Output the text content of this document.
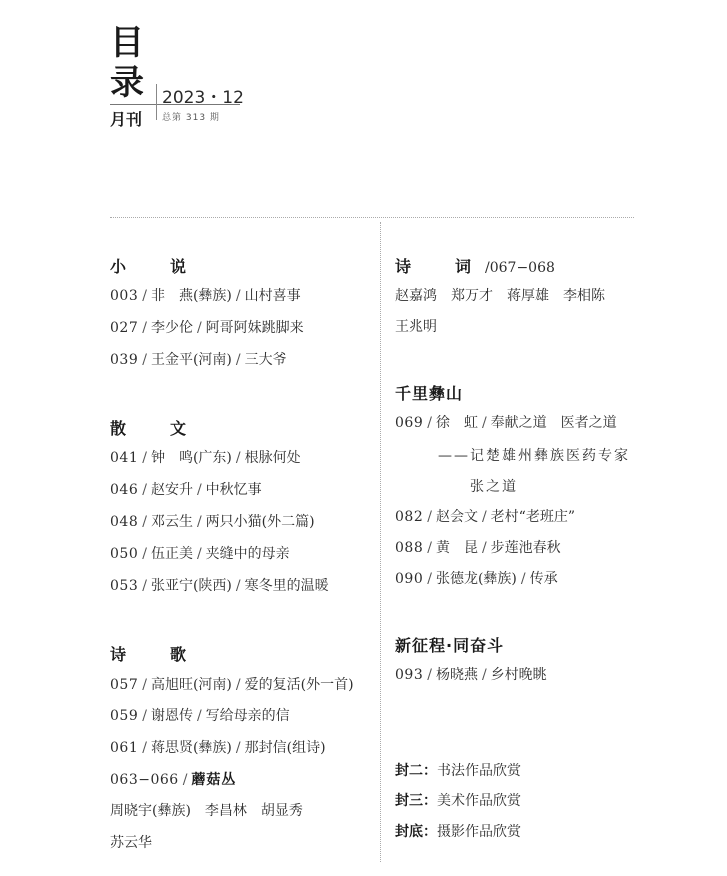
目
录 2023・12
月刊 总第 313 期
小　说
003 / 非　燕(彝族) / 山村喜事
027 / 李少伦 / 阿哥阿妹跳脚来
039 / 王金平(河南) / 三大爷
散　文
041 / 钟　鸣(广东) / 根脉何处
046 / 赵安升 / 中秋忆事
048 / 邓云生 / 两只小猫(外二篇)
050 / 伍正美 / 夹缝中的母亲
053 / 张亚宁(陕西) / 寒冬里的温暖
诗　歌
057 / 高旭旺(河南) / 爱的复活(外一首)
059 / 谢恩传 / 写给母亲的信
061 / 蒋思贤(彝族) / 那封信(组诗)
063−066 / 蘑菇丛
周晓宇(彝族)　李昌林　胡显秀
苏云华
诗　词/067−068
赵嘉鸿　郑万才　蒋厚雄　李相陈
王兆明
千里彝山
069 / 徐　虹 / 奉献之道　医者之道
——记楚雄州彝族医药专家
张之道
082 / 赵会文 / 老村“老班庄”
088 / 黄　昆 / 步莲池春秋
090 / 张德龙(彝族) / 传承
新征程·同奋斗
093 / 杨晓燕 / 乡村晚眺
封二：书法作品欣赏
封三：美术作品欣赏
封底：摄影作品欣赏
